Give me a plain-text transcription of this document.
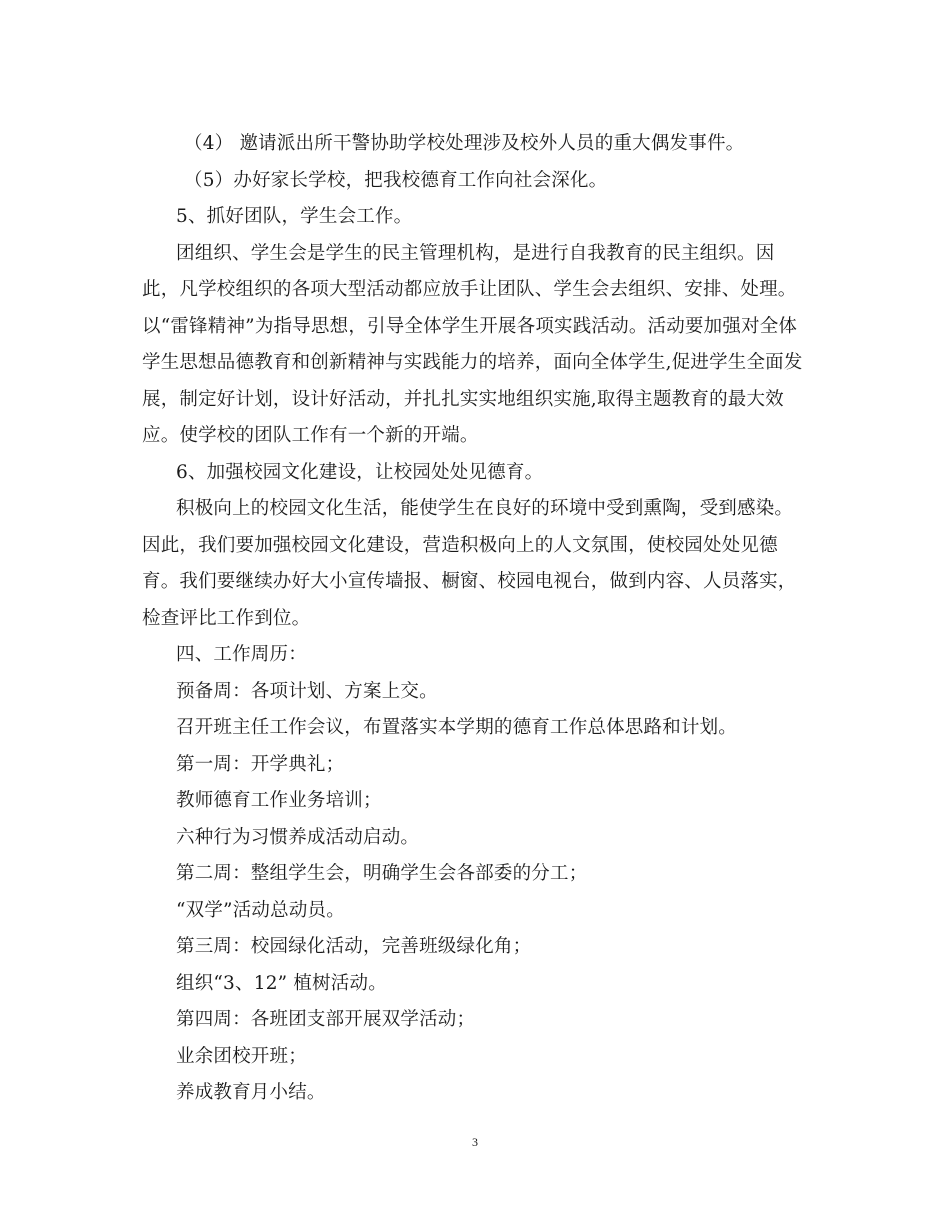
（4） 邀请派出所干警协助学校处理涉及校外人员的重大偶发事件。
（5）办好家长学校，把我校德育工作向社会深化。
5、抓好团队，学生会工作。
团组织、学生会是学生的民主管理机构，是进行自我教育的民主组织。因
此，凡学校组织的各项大型活动都应放手让团队、学生会去组织、安排、处理。
以“雷锋精神”为指导思想，引导全体学生开展各项实践活动。活动要加强对全体
学生思想品德教育和创新精神与实践能力的培养，面向全体学生,促进学生全面发
展，制定好计划，设计好活动，并扎扎实实地组织实施,取得主题教育的最大效
应。使学校的团队工作有一个新的开端。
6、加强校园文化建设，让校园处处见德育。
积极向上的校园文化生活，能使学生在良好的环境中受到熏陶，受到感染。
因此，我们要加强校园文化建设，营造积极向上的人文氛围，使校园处处见德
育。我们要继续办好大小宣传墙报、橱窗、校园电视台，做到内容、人员落实，
检查评比工作到位。
四、工作周历：
预备周：各项计划、方案上交。
召开班主任工作会议，布置落实本学期的德育工作总体思路和计划。
第一周：开学典礼；
教师德育工作业务培训；
六种行为习惯养成活动启动。
第二周：整组学生会，明确学生会各部委的分工；
“双学”活动总动员。
第三周：校园绿化活动，完善班级绿化角；
组织“3、12” 植树活动。
第四周：各班团支部开展双学活动；
业余团校开班；
养成教育月小结。
3
